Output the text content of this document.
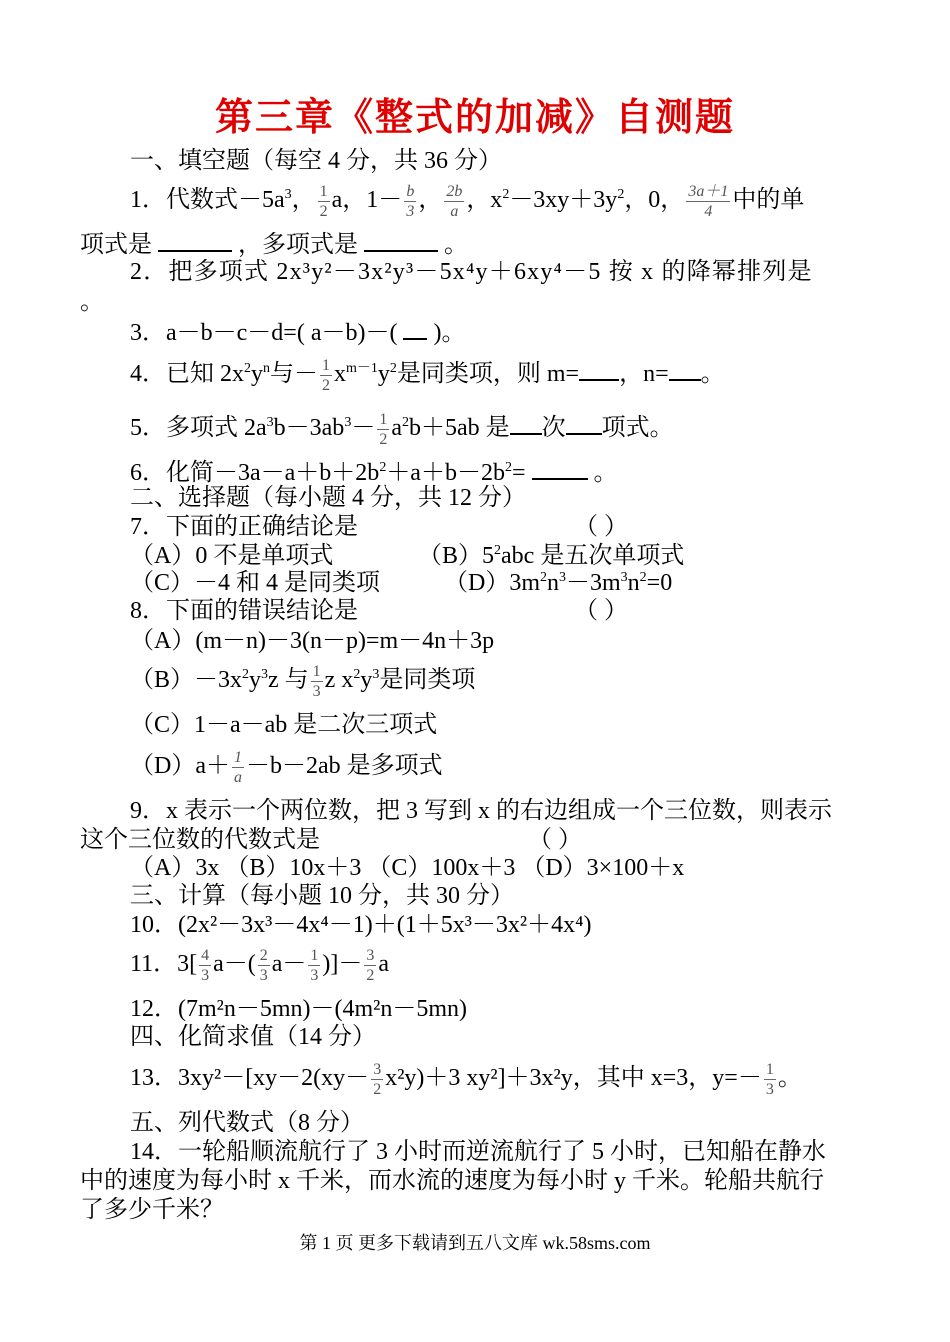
第三章《整式的加减》自测题
一、填空题（每空 4 分，共 36 分）
1．代数式$-5a^3$， $\frac{1}{2}$ a，$1- \frac{b}{3}$ ， $\frac{2b}{a}$ ，$x^2-3xy+3y^2$，0， $\frac{3a+1}{4}$ 中的单
项式是	，多项式是	。
2．把多项式 2x³y²－3x²y³－5x⁴y＋6xy⁴－5 按 x 的降幂排列是
。
3．a－b－c－d=( a－b)－( )。
4．已知 $2x^2y^n$与－ $\frac{1}{2} x^{m-1}y^2$是同类项，则 m= ，n= 。
5．多项式 $2a^3b-3ab^3- \frac{1}{2} a^2b+5ab$ 是 次 项式。
6．化简$-3a-a+b+2b^2+a+b-2b^2=$	。
二、选择题（每小题 4 分，共 12 分）
7．下面的正确结论是	（ ）
（A）0 不是单项式	$(B)5^2abc$ 是五次单项式
（C）－4 和 4 是同类项	$(D)3m^2n^3-3m^3n^2=0$
8．下面的错误结论是	（ ）
（A）(m－n)－3(n－p)=m－4n＋3p
$(B)-3x^2y^3z$ 与 $\frac{1}{3}$ z $x^2y^3$是同类项
（C）1－a－ab 是二次三项式
$(D)a+ \frac{1}{a} -b-2ab$ 是多项式
9．x 表示一个两位数，把 3 写到 x 的右边组成一个三位数，则表示
这个三位数的代数式是	（ ）
（A）3x （B）10x＋3 （C）100x＋3 （D）3×100＋x
三、计算（每小题 10 分，共 30 分）
10．(2x²－3x³－4x⁴－1)＋(1＋5x³－3x²＋4x⁴)
11．$3[ \frac{4}{3} a-( \frac{2}{3} a- \frac{1}{3}$ )]－ $\frac{3}{2}$ a
12．(7m²n－5mn)－(4m²n－5mn)
四、化简求值（14 分）
13．$3xy^2-[xy-2(xy- \frac{3}{2} x^2y)+3$ xy²]＋3x²y，其中 x=3，$y=- \frac{1}{3}$ 。
五、列代数式（8 分）
14．一轮船顺流航行了 3 小时而逆流航行了 5 小时，已知船在静水
中的速度为每小时 x 千米，而水流的速度为每小时 y 千米。轮船共航行
了多少千米？
第 1 页 更多下载请到五八文库 wk.58sms.com
